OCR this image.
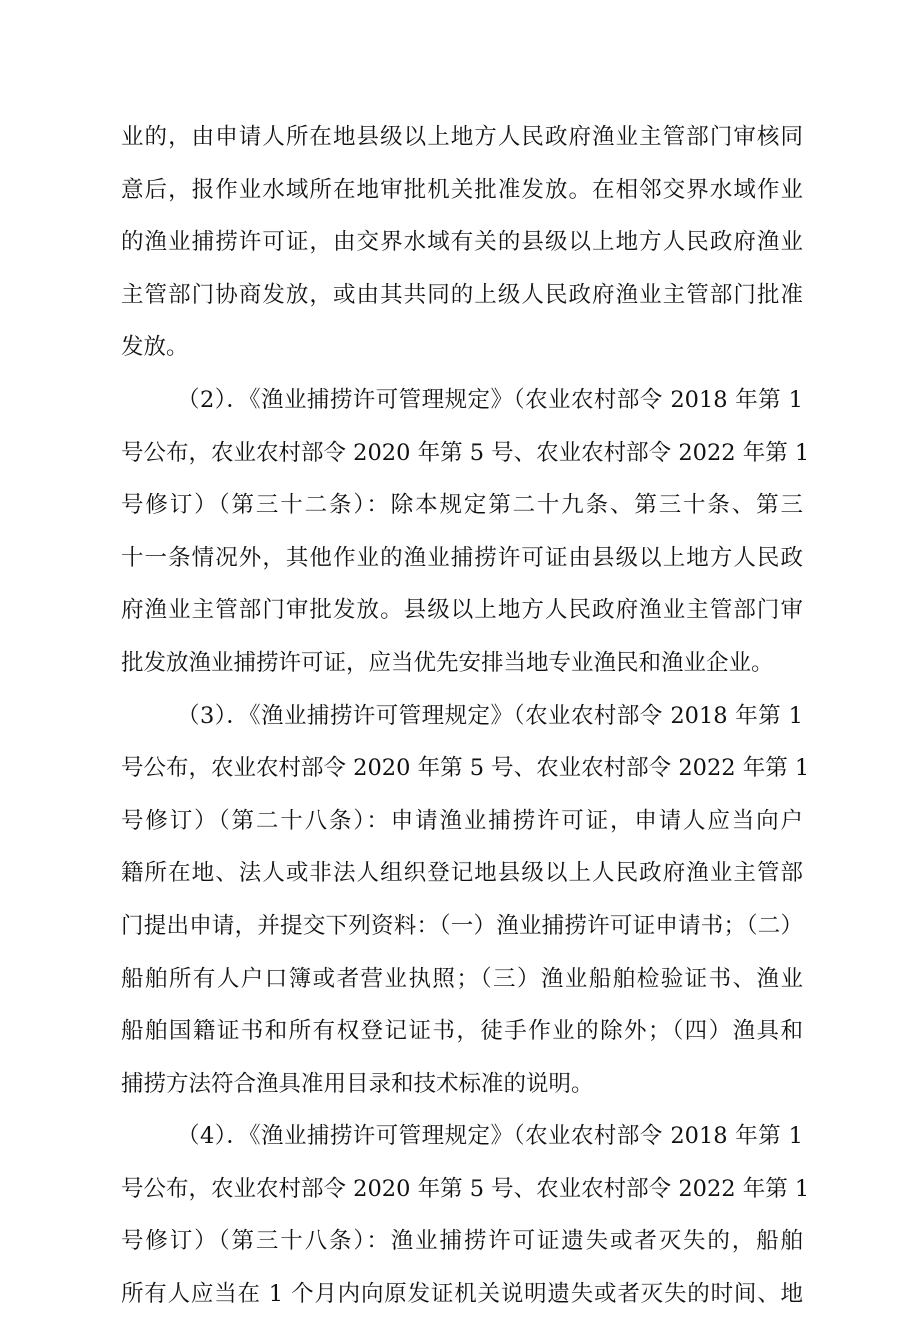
业的，由申请人所在地县级以上地方人民政府渔业主管部门审核同
意后，报作业水域所在地审批机关批准发放。在相邻交界水域作业
的渔业捕捞许可证，由交界水域有关的县级以上地方人民政府渔业
主管部门协商发放，或由其共同的上级人民政府渔业主管部门批准
发放。
（2）．《渔业捕捞许可管理规定》（农业农村部令 2018 年第 1
号公布，农业农村部令 2020 年第 5 号、农业农村部令 2022 年第 1
号修订）（第三十二条）：除本规定第二十九条、第三十条、第三
十一条情况外，其他作业的渔业捕捞许可证由县级以上地方人民政
府渔业主管部门审批发放。县级以上地方人民政府渔业主管部门审
批发放渔业捕捞许可证，应当优先安排当地专业渔民和渔业企业。
（3）．《渔业捕捞许可管理规定》（农业农村部令 2018 年第 1
号公布，农业农村部令 2020 年第 5 号、农业农村部令 2022 年第 1
号修订）（第二十八条）：申请渔业捕捞许可证，申请人应当向户
籍所在地、法人或非法人组织登记地县级以上人民政府渔业主管部
门提出申请，并提交下列资料：（一）渔业捕捞许可证申请书；（二）
船舶所有人户口簿或者营业执照；（三）渔业船舶检验证书、渔业
船舶国籍证书和所有权登记证书，徒手作业的除外；（四）渔具和
捕捞方法符合渔具准用目录和技术标准的说明。
（4）．《渔业捕捞许可管理规定》（农业农村部令 2018 年第 1
号公布，农业农村部令 2020 年第 5 号、农业农村部令 2022 年第 1
号修订）（第三十八条）：渔业捕捞许可证遗失或者灭失的，船舶
所有人应当在 1 个月内向原发证机关说明遗失或者灭失的时间、地
